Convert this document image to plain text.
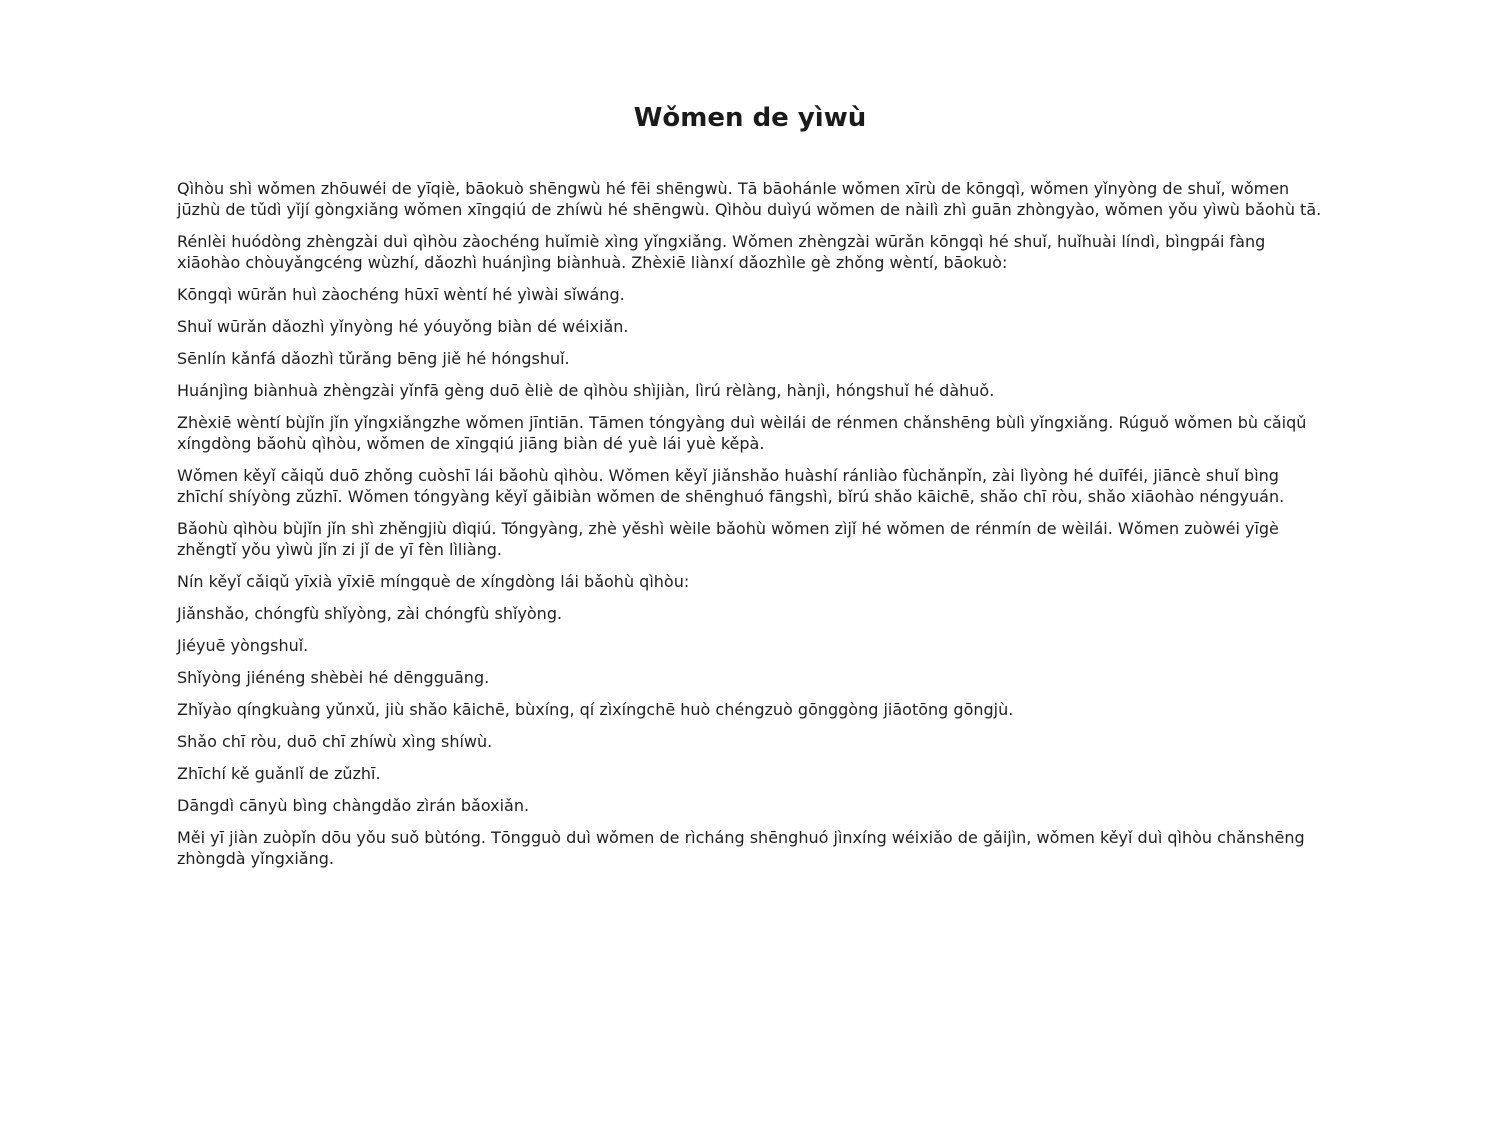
Wǒmen de yìwù

Qìhòu shì wǒmen zhōuwéi de yīqiè, bāokuò shēngwù hé fēi shēngwù. Tā bāohánle wǒmen xīrù de kōngqì, wǒmen yǐnyòng de shuǐ, wǒmen jūzhù de tǔdì yǐjí gòngxiǎng wǒmen xīngqiú de zhíwù hé shēngwù. Qìhòu duìyú wǒmen de nàilì zhì guān zhòngyào, wǒmen yǒu yìwù bǎohù tā.

Rénlèi huódòng zhèngzài duì qìhòu zàochéng huǐmiè xìng yǐngxiǎng. Wǒmen zhèngzài wūrǎn kōngqì hé shuǐ, huǐhuài líndì, bìngpái fàng xiāohào chòuyǎngcéng wùzhí, dǎozhì huánjìng biànhuà. Zhèxiē liànxí dǎozhìle gè zhǒng wèntí, bāokuò:

Kōngqì wūrǎn huì zàochéng hūxī wèntí hé yìwài sǐwáng.

Shuǐ wūrǎn dǎozhì yǐnyòng hé yóuyǒng biàn dé wéixiǎn.

Sēnlín kǎnfá dǎozhì tǔrǎng bēng jiě hé hóngshuǐ.

Huánjìng biànhuà zhèngzài yǐnfā gèng duō èliè de qìhòu shìjiàn, lìrú rèlàng, hànjì, hóngshuǐ hé dàhuǒ.

Zhèxiē wèntí bùjǐn jǐn yǐngxiǎngzhe wǒmen jīntiān. Tāmen tóngyàng duì wèilái de rénmen chǎnshēng bùlì yǐngxiǎng. Rúguǒ wǒmen bù cǎiqǔ xíngdòng bǎohù qìhòu, wǒmen de xīngqiú jiāng biàn dé yuè lái yuè kěpà.

Wǒmen kěyǐ cǎiqǔ duō zhǒng cuòshī lái bǎohù qìhòu. Wǒmen kěyǐ jiǎnshǎo huàshí ránliào fùchǎnpǐn, zài lìyòng hé duīféi, jiāncè shuǐ bìng zhīchí shíyòng zǔzhī. Wǒmen tóngyàng kěyǐ gǎibiàn wǒmen de shēnghuó fāngshì, bǐrú shǎo kāichē, shǎo chī ròu, shǎo xiāohào néngyuán.

Bǎohù qìhòu bùjǐn jǐn shì zhěngjiù dìqiú. Tóngyàng, zhè yěshì wèile bǎohù wǒmen zìjǐ hé wǒmen de rénmín de wèilái. Wǒmen zuòwéi yīgè zhěngtǐ yǒu yìwù jǐn zi jǐ de yī fèn lìliàng.

Nín kěyǐ cǎiqǔ yīxià yīxiē míngquè de xíngdòng lái bǎohù qìhòu:

Jiǎnshǎo, chóngfù shǐyòng, zài chóngfù shǐyòng.

Jiéyuē yòngshuǐ.

Shǐyòng jiénéng shèbèi hé dēngguāng.

Zhǐyào qíngkuàng yǔnxǔ, jiù shǎo kāichē, bùxíng, qí zìxíngchē huò chéngzuò gōnggòng jiāotōng gōngjù.

Shǎo chī ròu, duō chī zhíwù xìng shíwù.

Zhīchí kě guǎnlǐ de zǔzhī.

Dāngdì cānyù bìng chàngdǎo zìrán bǎoxiǎn.

Měi yī jiàn zuòpǐn dōu yǒu suǒ bùtóng. Tōngguò duì wǒmen de rìcháng shēnghuó jìnxíng wéixiǎo de gǎijìn, wǒmen kěyǐ duì qìhòu chǎnshēng zhòngdà yǐngxiǎng.
